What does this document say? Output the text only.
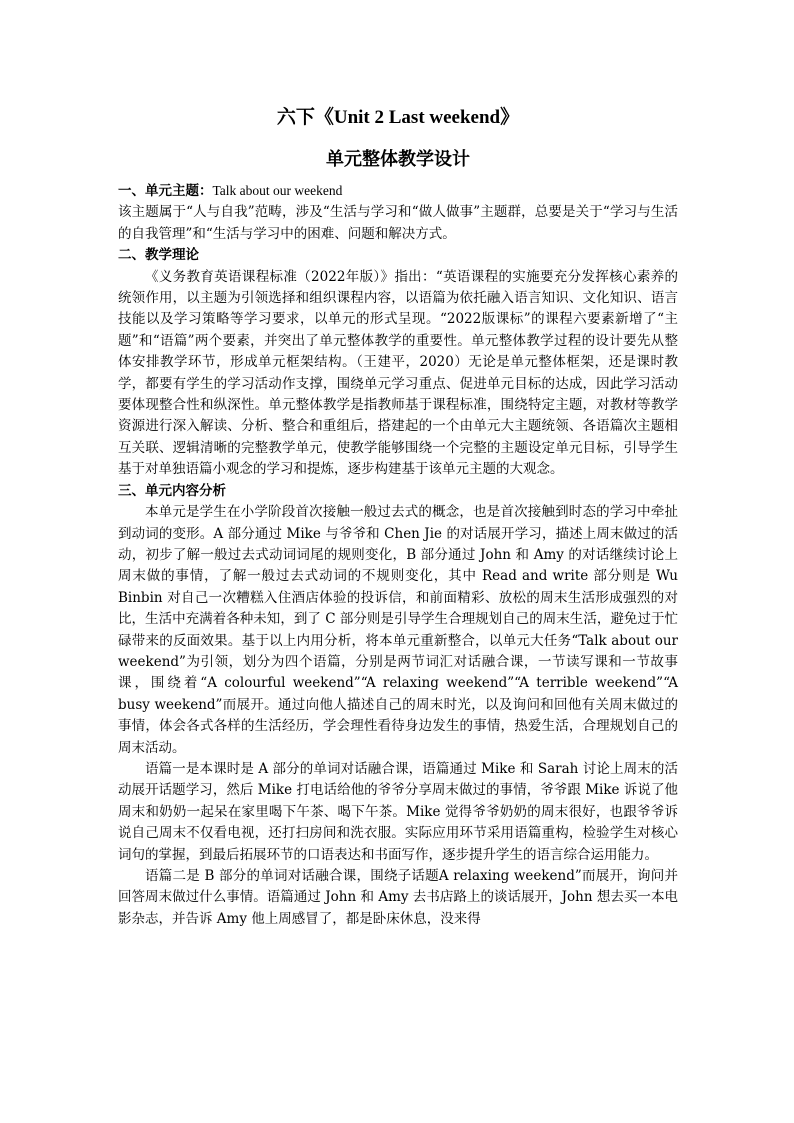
六下《Unit 2 Last weekend》
单元整体教学设计

一、单元主题：Talk about our weekend

该主题属于“人与自我”范畴，涉及“生活与学习和“做人做事”主题群，总要是关于“学习与生活的自我管理”和“生活与学习中的困难、问题和解决方式。

二、教学理论

《义务教育英语课程标准（2022年版）》指出：“英语课程的实施要充分发挥核心素养的统领作用，以主题为引领选择和组织课程内容，以语篇为依托融入语言知识、文化知识、语言技能以及学习策略等学习要求，以单元的形式呈现。“2022版课标”的课程六要素新增了“主题”和“语篇”两个要素，并突出了单元整体教学的重要性。单元整体教学过程的设计要先从整体安排教学环节，形成单元框架结构。（王建平，2020）无论是单元整体框架，还是课时教学，都要有学生的学习活动作支撑，围绕单元学习重点、促进单元目标的达成，因此学习活动要体现整合性和纵深性。单元整体教学是指教师基于课程标准，围绕特定主题，对教材等教学资源进行深入解读、分析、整合和重组后，搭建起的一个由单元大主题统领、各语篇次主题相互关联、逻辑清晰的完整教学单元，使教学能够围绕一个完整的主题设定单元目标，引导学生基于对单独语篇小观念的学习和提炼，逐步构建基于该单元主题的大观念。

三、单元内容分析

本单元是学生在小学阶段首次接触一般过去式的概念，也是首次接触到时态的学习中牵扯到动词的变形。A 部分通过 Mike 与爷爷和 Chen Jie 的对话展开学习，描述上周末做过的活动，初步了解一般过去式动词词尾的规则变化，B 部分通过 John 和 Amy 的对话继续讨论上周末做的事情，了解一般过去式动词的不规则变化，其中 Read and write 部分则是 Wu Binbin 对自己一次糟糕入住酒店体验的投诉信，和前面精彩、放松的周末生活形成强烈的对比，生活中充满着各种未知，到了 C 部分则是引导学生合理规划自己的周末生活，避免过于忙碌带来的反面效果。基于以上内用分析，将本单元重新整合，以单元大任务“Talk about our weekend”为引领，划分为四个语篇，分别是两节词汇对话融合课，一节读写课和一节故事课，围绕着“A colourful weekend”“A relaxing weekend”“A terrible weekend”“A busy weekend”而展开。通过向他人描述自己的周末时光，以及询问和回他有关周末做过的事情，体会各式各样的生活经历，学会理性看待身边发生的事情，热爱生活，合理规划自己的周末活动。

语篇一是本课时是 A 部分的单词对话融合课，语篇通过 Mike 和 Sarah 讨论上周末的活动展开话题学习，然后 Mike 打电话给他的爷爷分享周末做过的事情，爷爷跟 Mike 诉说了他周末和奶奶一起呆在家里喝下午茶、喝下午茶。Mike 觉得爷爷奶奶的周末很好，也跟爷爷诉说自己周末不仅看电视，还打扫房间和洗衣服。实际应用环节采用语篇重构，检验学生对核心词句的掌握，到最后拓展环节的口语表达和书面写作，逐步提升学生的语言综合运用能力。

语篇二是 B 部分的单词对话融合课，围绕子话题A relaxing weekend”而展开，询问并回答周末做过什么事情。语篇通过 John 和 Amy 去书店路上的谈话展开，John 想去买一本电影杂志，并告诉 Amy 他上周感冒了，都是卧床休息，没来得
